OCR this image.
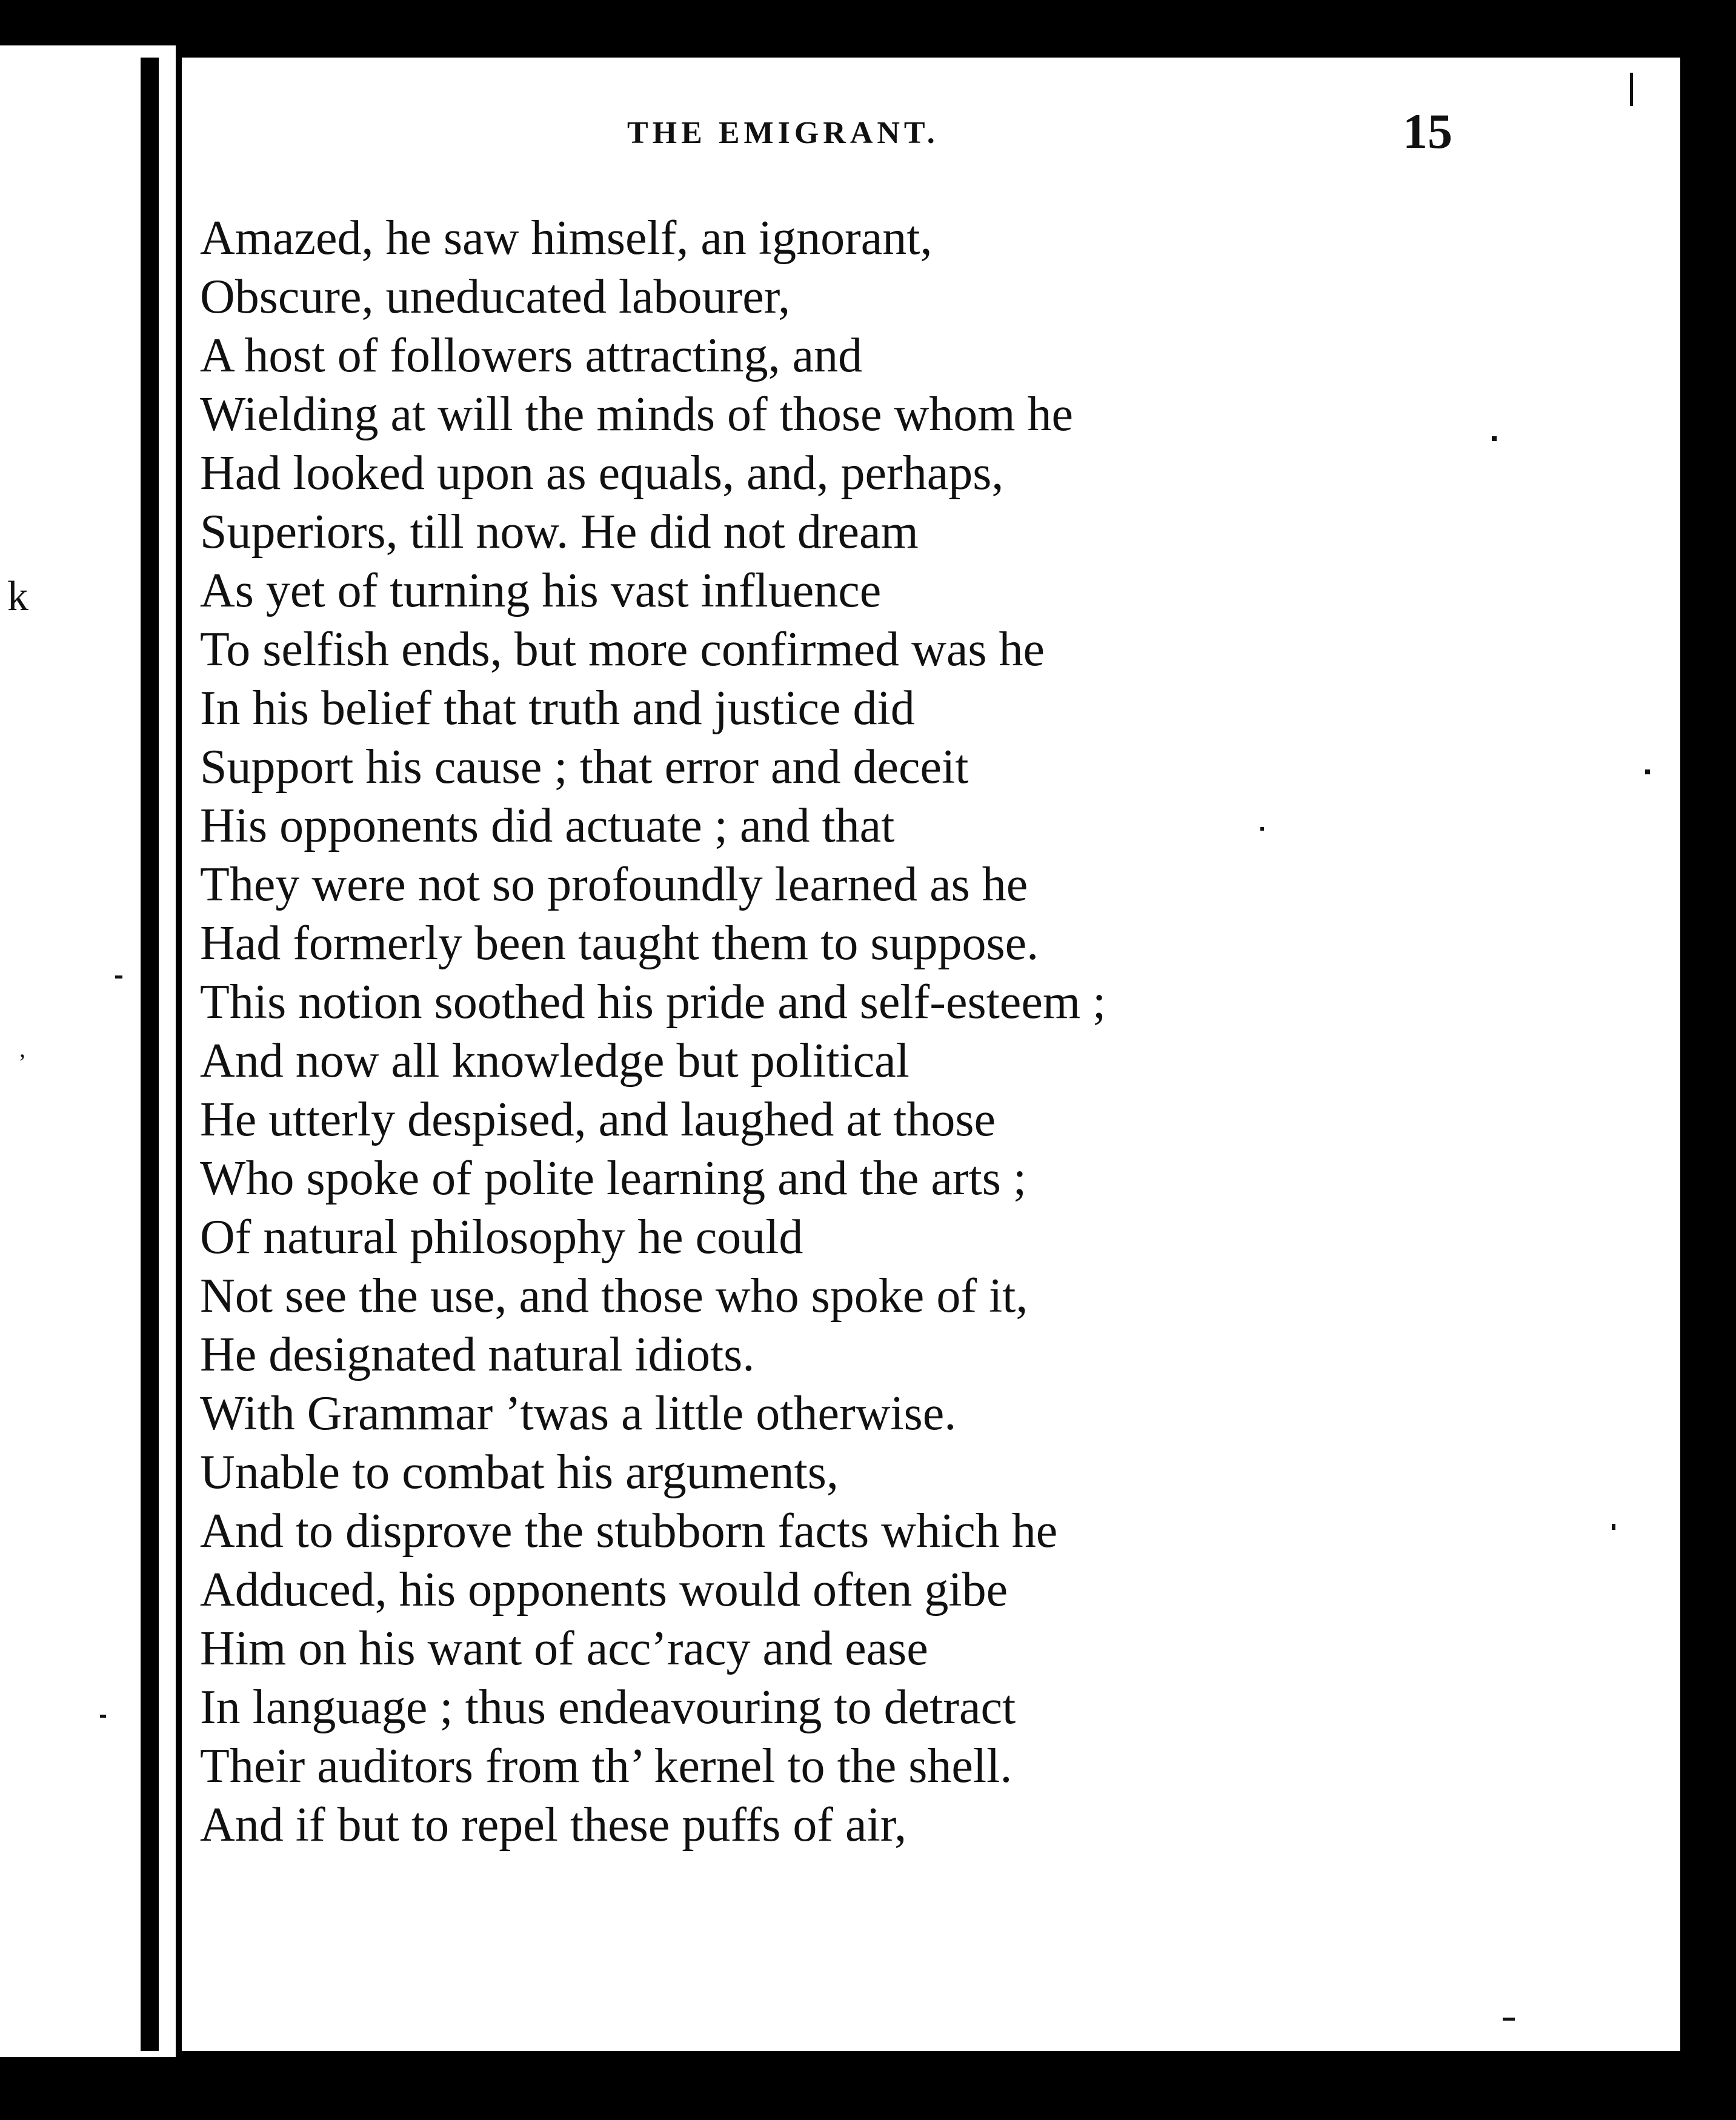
k
’
THE EMIGRANT.	15
Amazed, he saw himself, an ignorant,
Obscure, uneducated labourer,
A host of followers attracting, and
Wielding at will the minds of those whom he
Had looked upon as equals, and, perhaps,
Superiors, till now. He did not dream
As yet of turning his vast influence
To selfish ends, but more confirmed was he
In his belief that truth and justice did
Support his cause ; that error and deceit
His opponents did actuate ; and that
They were not so profoundly learned as he
Had formerly been taught them to suppose.
This notion soothed his pride and self-esteem ;
And now all knowledge but political
He utterly despised, and laughed at those
Who spoke of polite learning and the arts ;
Of natural philosophy he could
Not see the use, and those who spoke of it,
He designated natural idiots.
With Grammar ’twas a little otherwise.
Unable to combat his arguments,
And to disprove the stubborn facts which he
Adduced, his opponents would often gibe
Him on his want of acc’racy and ease
In language ; thus endeavouring to detract
Their auditors from th’ kernel to the shell.
And if but to repel these puffs of air,
